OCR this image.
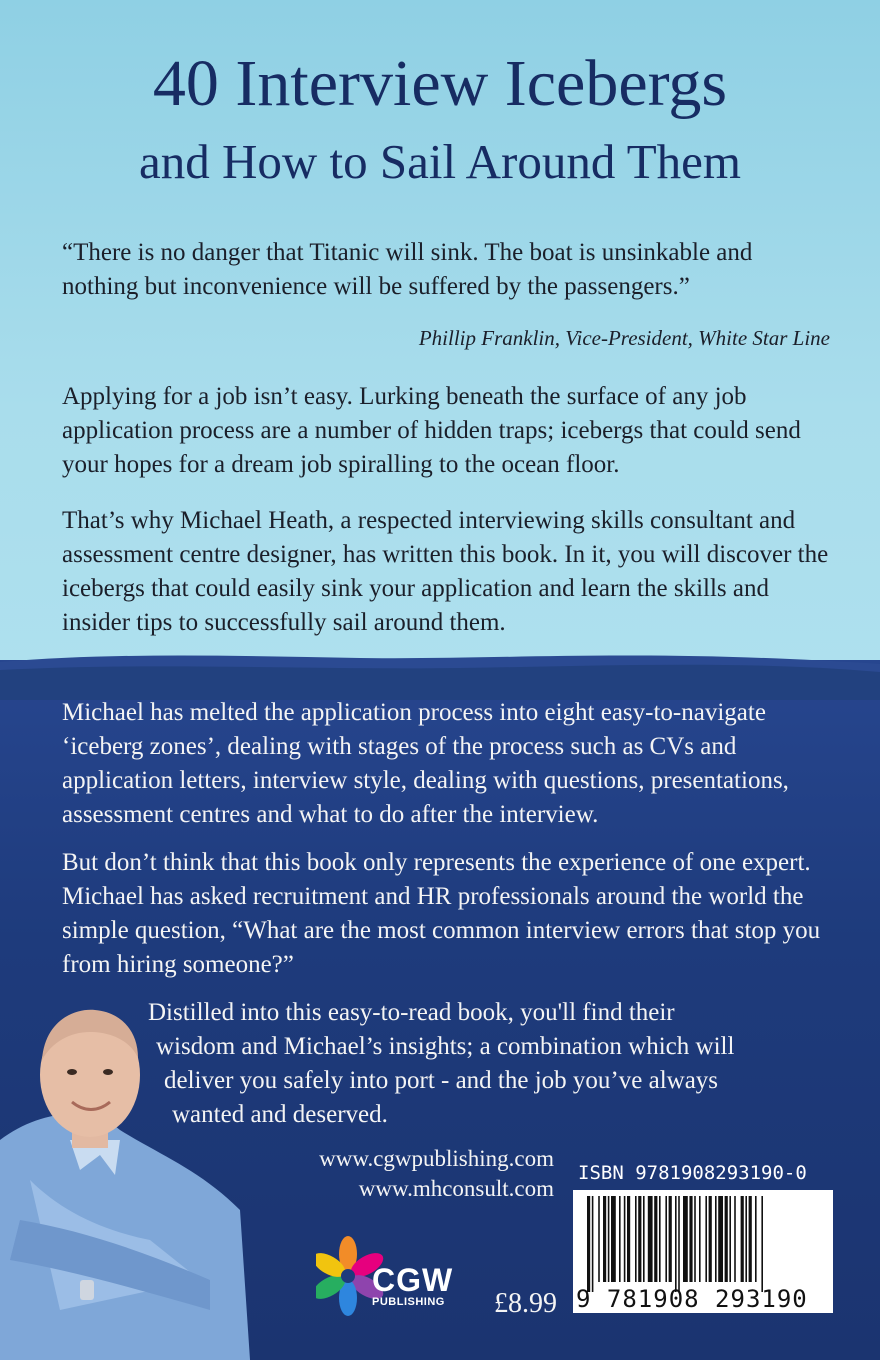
40 Interview Icebergs
and How to Sail Around Them
“There is no danger that Titanic will sink. The boat is unsinkable and nothing but inconvenience will be suffered by the passengers.”
Phillip Franklin, Vice-President, White Star Line

Applying for a job isn’t easy. Lurking beneath the surface of any job application process are a number of hidden traps; icebergs that could send your hopes for a dream job spiralling to the ocean floor.

That’s why Michael Heath, a respected interviewing skills consultant and assessment centre designer, has written this book. In it, you will discover the icebergs that could easily sink your application and learn the skills and insider tips to successfully sail around them.

Michael has melted the application process into eight easy-to-navigate ‘iceberg zones’, dealing with stages of the process such as CVs and application letters, interview style, dealing with questions, presentations, assessment centres and what to do after the interview.

But don’t think that this book only represents the experience of one expert. Michael has asked recruitment and HR professionals around the world the simple question, “What are the most common interview errors that stop you from hiring someone?”

Distilled into this easy-to-read book, you'll find their
wisdom and Michael’s insights; a combination which will
deliver you safely into port - and the job you’ve always
wanted and deserved.
www.cgwpublishing.com
www.mhconsult.com
CGW
PUBLISHING £8.99
ISBN 9781908293190-0
9 781908 293190
